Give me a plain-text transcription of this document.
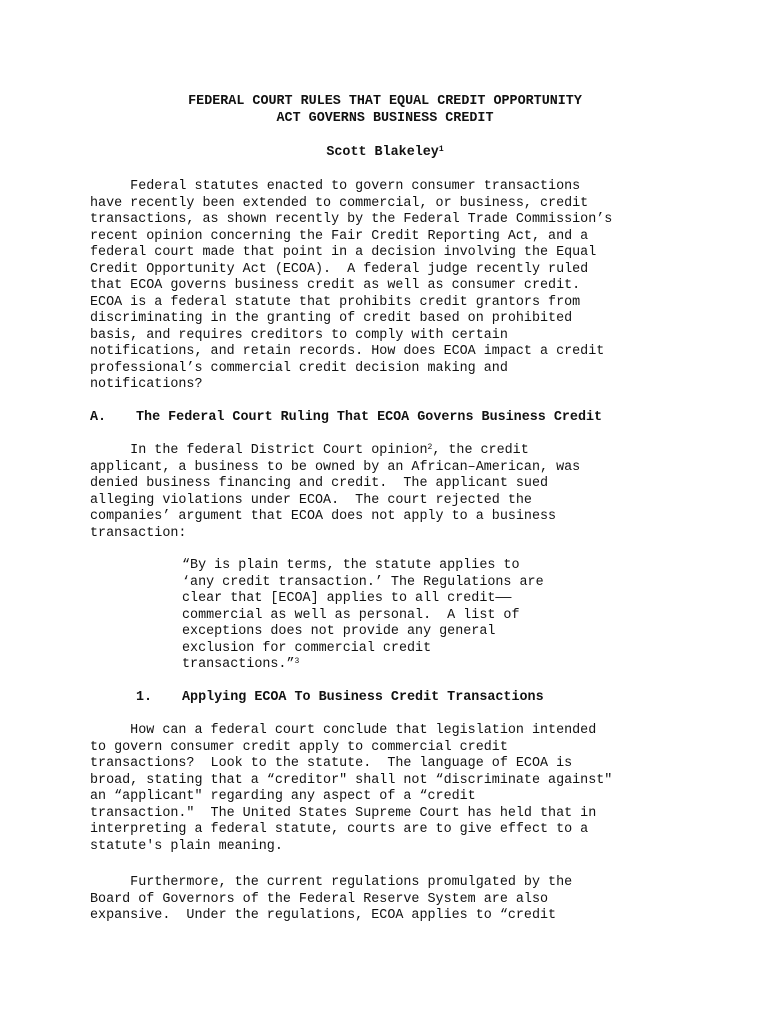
FEDERAL COURT RULES THAT EQUAL CREDIT OPPORTUNITY
ACT GOVERNS BUSINESS CREDIT
Scott Blakeley$^1$
Federal statutes enacted to govern consumer transactions
have recently been extended to commercial, or business, credit
transactions, as shown recently by the Federal Trade Commission’s
recent opinion concerning the Fair Credit Reporting Act, and a
federal court made that point in a decision involving the Equal
Credit Opportunity Act (ECOA).  A federal judge recently ruled
that ECOA governs business credit as well as consumer credit.
ECOA is a federal statute that prohibits credit grantors from
discriminating in the granting of credit based on prohibited
basis, and requires creditors to comply with certain
notifications, and retain records. How does ECOA impact a credit
professional’s commercial credit decision making and
notifications?
A. The Federal Court Ruling That ECOA Governs Business Credit
In the federal District Court opinion$^2$, the credit
applicant, a business to be owned by an African–American, was
denied business financing and credit.  The applicant sued
alleging violations under ECOA.  The court rejected the
companies’ argument that ECOA does not apply to a business
transaction:
“By is plain terms, the statute applies to
‘any credit transaction.’ The Regulations are
clear that [ECOA] applies to all credit——
commercial as well as personal.  A list of
exceptions does not provide any general
exclusion for commercial credit
transactions.”$^3$
1. Applying ECOA To Business Credit Transactions
How can a federal court conclude that legislation intended
to govern consumer credit apply to commercial credit
transactions?  Look to the statute.  The language of ECOA is
broad, stating that a “creditor" shall not “discriminate against"
an “applicant" regarding any aspect of a “credit
transaction."  The United States Supreme Court has held that in
interpreting a federal statute, courts are to give effect to a
statute's plain meaning.
Furthermore, the current regulations promulgated by the
Board of Governors of the Federal Reserve System are also
expansive.  Under the regulations, ECOA applies to “credit
